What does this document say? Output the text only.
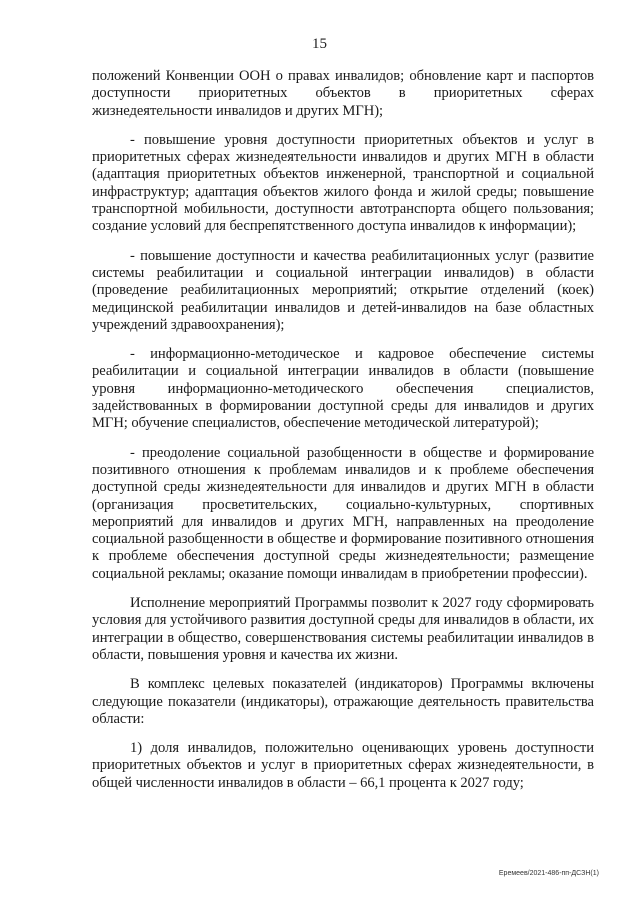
15

положений Конвенции ООН о правах инвалидов; обновление карт и паспортов доступности приоритетных объектов в приоритетных сферах жизнедеятельности инвалидов и других МГН);

- повышение уровня доступности приоритетных объектов и услуг в приоритетных сферах жизнедеятельности инвалидов и других МГН в области (адаптация приоритетных объектов инженерной, транспортной и социальной инфраструктур; адаптация объектов жилого фонда и жилой среды; повышение транспортной мобильности, доступности автотранспорта общего пользования; создание условий для беспрепятственного доступа инвалидов к информации);

- повышение доступности и качества реабилитационных услуг (развитие системы реабилитации и социальной интеграции инвалидов) в области (проведение реабилитационных мероприятий; открытие отделений (коек) медицинской реабилитации инвалидов и детей-инвалидов на базе областных учреждений здравоохранения);

- информационно-методическое и кадровое обеспечение системы реабилитации и социальной интеграции инвалидов в области (повышение уровня информационно-методического обеспечения специалистов, задействованных в формировании доступной среды для инвалидов и других МГН; обучение специалистов, обеспечение методической литературой);

- преодоление социальной разобщенности в обществе и формирование позитивного отношения к проблемам инвалидов и к проблеме обеспечения доступной среды жизнедеятельности для инвалидов и других МГН в области (организация просветительских, социально-культурных, спортивных мероприятий для инвалидов и других МГН, направленных на преодоление социальной разобщенности в обществе и формирование позитивного отношения к проблеме обеспечения доступной среды жизнедеятельности; размещение социальной рекламы; оказание помощи инвалидам в приобретении профессии).

Исполнение мероприятий Программы позволит к 2027 году сформировать условия для устойчивого развития доступной среды для инвалидов в области, их интеграции в общество, совершенствования системы реабилитации инвалидов в области, повышения уровня и качества их жизни.

В комплекс целевых показателей (индикаторов) Программы включены следующие показатели (индикаторы), отражающие деятельность правительства области:

1) доля инвалидов, положительно оценивающих уровень доступности приоритетных объектов и услуг в приоритетных сферах жизнедеятельности, в общей численности инвалидов в области – 66,1 процента к 2027 году;

Еремеев/2021-486-пп-ДСЗН(1)
